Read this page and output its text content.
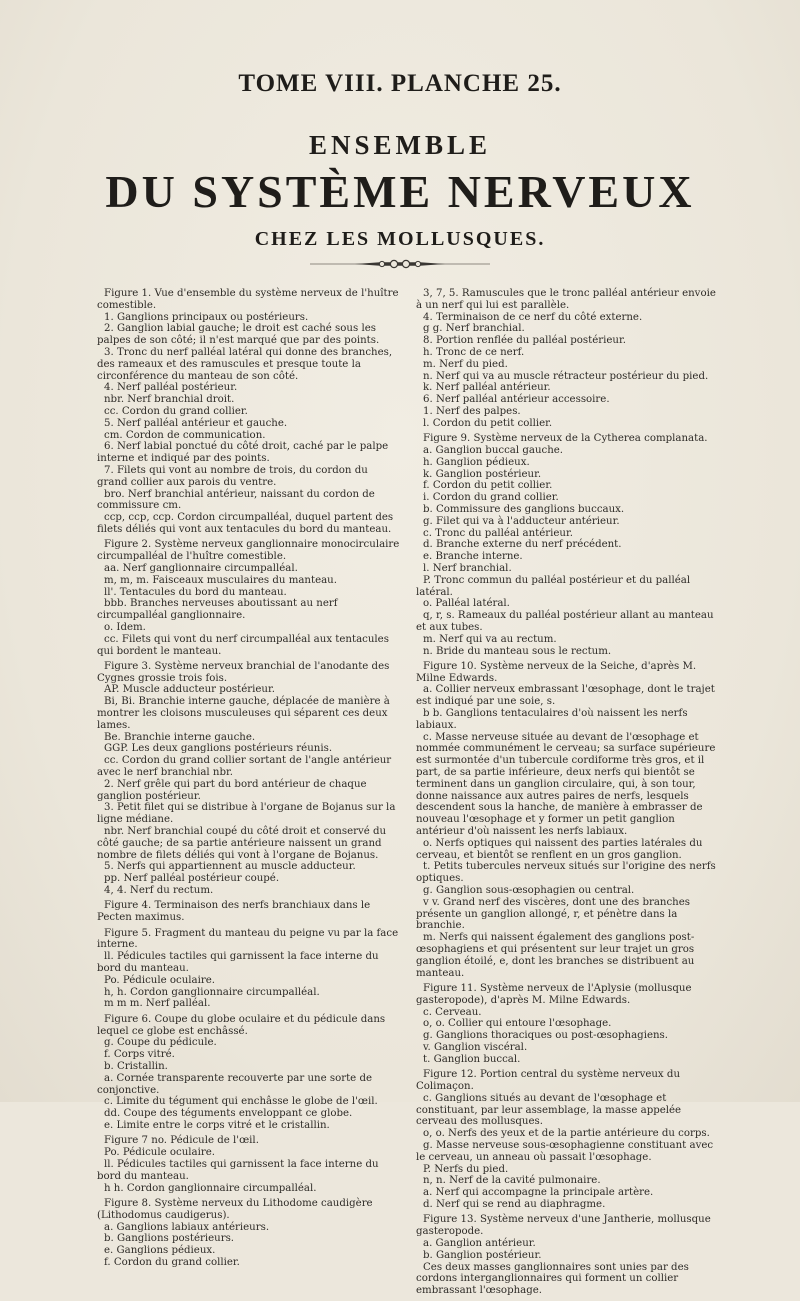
TOME VIII. PLANCHE 25.
ENSEMBLE
DU SYSTÈME NERVEUX
CHEZ LES MOLLUSQUES.

Figure 1. Vue d'ensemble du système nerveux de l'huître comestible.

1. Ganglions principaux ou postérieurs.

2. Ganglion labial gauche; le droit est caché sous les palpes de son côté; il n'est marqué que par des points.

3. Tronc du nerf palléal latéral qui donne des branches, des rameaux et des ramuscules et presque toute la circonférence du manteau de son côté.

4. Nerf palléal postérieur.

nbr. Nerf branchial droit.

cc. Cordon du grand collier.

5. Nerf palléal antérieur et gauche.

cm. Cordon de communication.

6. Nerf labial ponctué du côté droit, caché par le palpe interne et indiqué par des points.

7. Filets qui vont au nombre de trois, du cordon du grand collier aux parois du ventre.

bro. Nerf branchial antérieur, naissant du cordon de commissure cm.

ccp, ccp, ccp. Cordon circumpalléal, duquel partent des filets déliés qui vont aux tentacules du bord du manteau.

Figure 2. Système nerveux ganglionnaire monocirculaire circumpalléal de l'huître comestible.

aa. Nerf ganglionnaire circumpalléal.

m, m, m. Faisceaux musculaires du manteau.

ll'. Tentacules du bord du manteau.

bbb. Branches nerveuses aboutissant au nerf circumpalléal ganglionnaire.

o. Idem.

cc. Filets qui vont du nerf circumpalléal aux tentacules qui bordent le manteau.

Figure 3. Système nerveux branchial de l'anodante des Cygnes grossie trois fois.

AP. Muscle adducteur postérieur.

Bi, Bi. Branchie interne gauche, déplacée de manière à montrer les cloisons musculeuses qui séparent ces deux lames.

Be. Branchie interne gauche.

GGP. Les deux ganglions postérieurs réunis.

cc. Cordon du grand collier sortant de l'angle antérieur avec le nerf branchial nbr.

2. Nerf grêle qui part du bord antérieur de chaque ganglion postérieur.

3. Petit filet qui se distribue à l'organe de Bojanus sur la ligne médiane.

nbr. Nerf branchial coupé du côté droit et conservé du côté gauche; de sa partie antérieure naissent un grand nombre de filets déliés qui vont à l'organe de Bojanus.

5. Nerfs qui appartiennent au muscle adducteur.

pp. Nerf palléal postérieur coupé.

4, 4. Nerf du rectum.

Figure 4. Terminaison des nerfs branchiaux dans le Pecten maximus.

Figure 5. Fragment du manteau du peigne vu par la face interne.

ll. Pédicules tactiles qui garnissent la face interne du bord du manteau.

Po. Pédicule oculaire.

h, h. Cordon ganglionnaire circumpalléal.

m m m. Nerf palléal.

Figure 6. Coupe du globe oculaire et du pédicule dans lequel ce globe est enchâssé.

g. Coupe du pédicule.

f. Corps vitré.

b. Cristallin.

a. Cornée transparente recouverte par une sorte de conjonctive.

c. Limite du tégument qui enchâsse le globe de l'œil.

dd. Coupe des téguments enveloppant ce globe.

e. Limite entre le corps vitré et le cristallin.

Figure 7 no. Pédicule de l'œil.

Po. Pédicule oculaire.

ll. Pédicules tactiles qui garnissent la face interne du bord du manteau.

h h. Cordon ganglionnaire circumpalléal.

Figure 8. Système nerveux du Lithodome caudigère (Lithodomus caudigerus).

a. Ganglions labiaux antérieurs.

b. Ganglions postérieurs.

e. Ganglions pédieux.

f. Cordon du grand collier.

3, 7, 5. Ramuscules que le tronc palléal antérieur envoie à un nerf qui lui est parallèle.

4. Terminaison de ce nerf du côté externe.

g g. Nerf branchial.

8. Portion renflée du palléal postérieur.

h. Tronc de ce nerf.

m. Nerf du pied.

n. Nerf qui va au muscle rétracteur postérieur du pied.

k. Nerf palléal antérieur.

6. Nerf palléal antérieur accessoire.

1. Nerf des palpes.

l. Cordon du petit collier.

Figure 9. Système nerveux de la Cytherea complanata.

a. Ganglion buccal gauche.

h. Ganglion pédieux.

k. Ganglion postérieur.

f. Cordon du petit collier.

i. Cordon du grand collier.

b. Commissure des ganglions buccaux.

g. Filet qui va à l'adducteur antérieur.

c. Tronc du palléal antérieur.

d. Branche externe du nerf précédent.

e. Branche interne.

l. Nerf branchial.

P. Tronc commun du palléal postérieur et du palléal latéral.

o. Palléal latéral.

q, r, s. Rameaux du palléal postérieur allant au manteau et aux tubes.

m. Nerf qui va au rectum.

n. Bride du manteau sous le rectum.

Figure 10. Système nerveux de la Seiche, d'après M. Milne Edwards.

a. Collier nerveux embrassant l'œsophage, dont le trajet est indiqué par une soie, s.

b b. Ganglions tentaculaires d'où naissent les nerfs labiaux.

c. Masse nerveuse située au devant de l'œsophage et nommée communément le cerveau; sa surface supérieure est surmontée d'un tubercule cordiforme très gros, et il part, de sa partie inférieure, deux nerfs qui bientôt se terminent dans un ganglion circulaire, qui, à son tour, donne naissance aux autres paires de nerfs, lesquels descendent sous la hanche, de manière à embrasser de nouveau l'œsophage et y former un petit ganglion antérieur d'où naissent les nerfs labiaux.

o. Nerfs optiques qui naissent des parties latérales du cerveau, et bientôt se renflent en un gros ganglion.

t. Petits tubercules nerveux situés sur l'origine des nerfs optiques.

g. Ganglion sous-œsophagien ou central.

v v. Grand nerf des viscères, dont une des branches présente un ganglion allongé, r, et pénètre dans la branchie.

m. Nerfs qui naissent également des ganglions post-œsophagiens et qui présentent sur leur trajet un gros ganglion étoilé, e, dont les branches se distribuent au manteau.

Figure 11. Système nerveux de l'Aplysie (mollusque gasteropode), d'après M. Milne Edwards.

c. Cerveau.

o, o. Collier qui entoure l'œsophage.

g. Ganglions thoraciques ou post-œsophagiens.

v. Ganglion viscéral.

t. Ganglion buccal.

Figure 12. Portion central du système nerveux du Colimaçon.

c. Ganglions situés au devant de l'œsophage et constituant, par leur assemblage, la masse appelée cerveau des mollusques.

o, o. Nerfs des yeux et de la partie antérieure du corps.

g. Masse nerveuse sous-œsophagienne constituant avec le cerveau, un anneau où passait l'œsophage.

P. Nerfs du pied.

n, n. Nerf de la cavité pulmonaire.

a. Nerf qui accompagne la principale artère.

d. Nerf qui se rend au diaphragme.

Figure 13. Système nerveux d'une Jantherie, mollusque gasteropode.

a. Ganglion antérieur.

b. Ganglion postérieur.

Ces deux masses ganglionnaires sont unies par des cordons interganglionnaires qui forment un collier embrassant l'œsophage.
